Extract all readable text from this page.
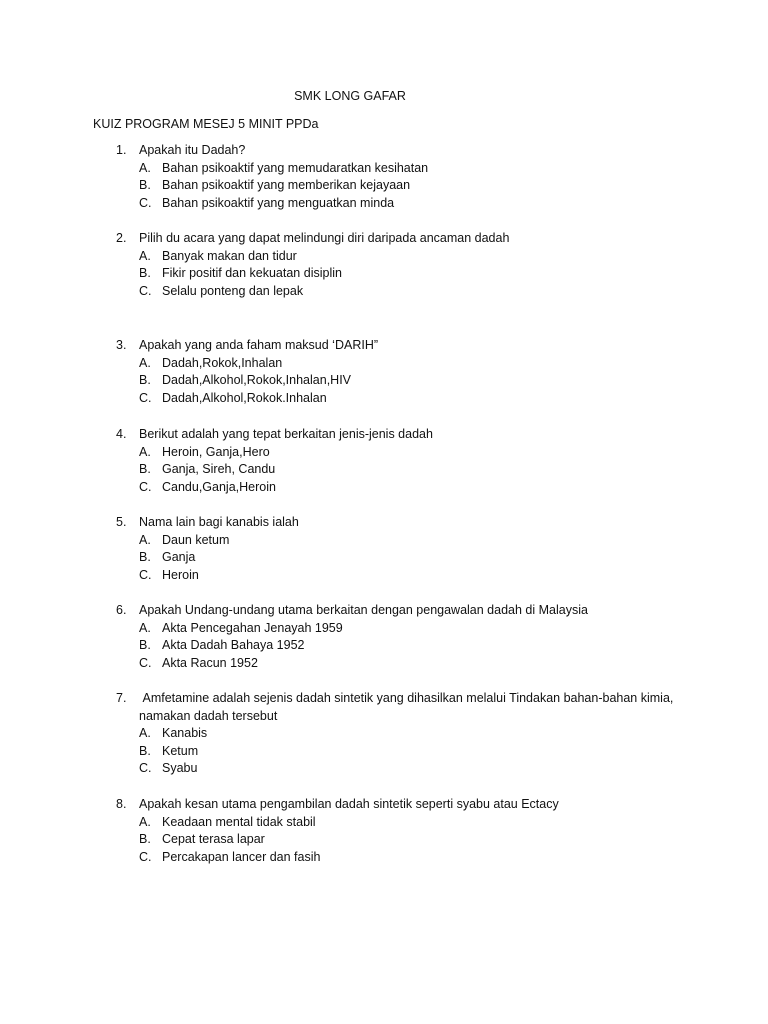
SMK LONG GAFAR
KUIZ PROGRAM MESEJ 5 MINIT PPDa
1. Apakah itu Dadah?
A. Bahan psikoaktif yang memudaratkan kesihatan
B. Bahan psikoaktif yang memberikan kejayaan
C. Bahan psikoaktif yang menguatkan minda
2. Pilih du acara yang dapat melindungi diri daripada ancaman dadah
A. Banyak makan dan tidur
B. Fikir positif dan kekuatan disiplin
C. Selalu ponteng dan lepak
3. Apakah yang anda faham maksud ‘DARIH”
A. Dadah,Rokok,Inhalan
B. Dadah,Alkohol,Rokok,Inhalan,HIV
C. Dadah,Alkohol,Rokok.Inhalan
4. Berikut adalah yang tepat berkaitan jenis-jenis dadah
A. Heroin, Ganja,Hero
B. Ganja, Sireh, Candu
C. Candu,Ganja,Heroin
5. Nama lain bagi kanabis ialah
A. Daun ketum
B. Ganja
C. Heroin
6. Apakah Undang-undang utama berkaitan dengan pengawalan dadah di Malaysia
A. Akta Pencegahan Jenayah 1959
B. Akta Dadah Bahaya 1952
C. Akta Racun 1952
7. Amfetamine adalah sejenis dadah sintetik yang dihasilkan melalui Tindakan bahan-bahan kimia, namakan dadah tersebut
A. Kanabis
B. Ketum
C. Syabu
8. Apakah kesan utama pengambilan dadah sintetik seperti syabu atau Ectacy
A. Keadaan mental tidak stabil
B. Cepat terasa lapar
C. Percakapan lancer dan fasih
